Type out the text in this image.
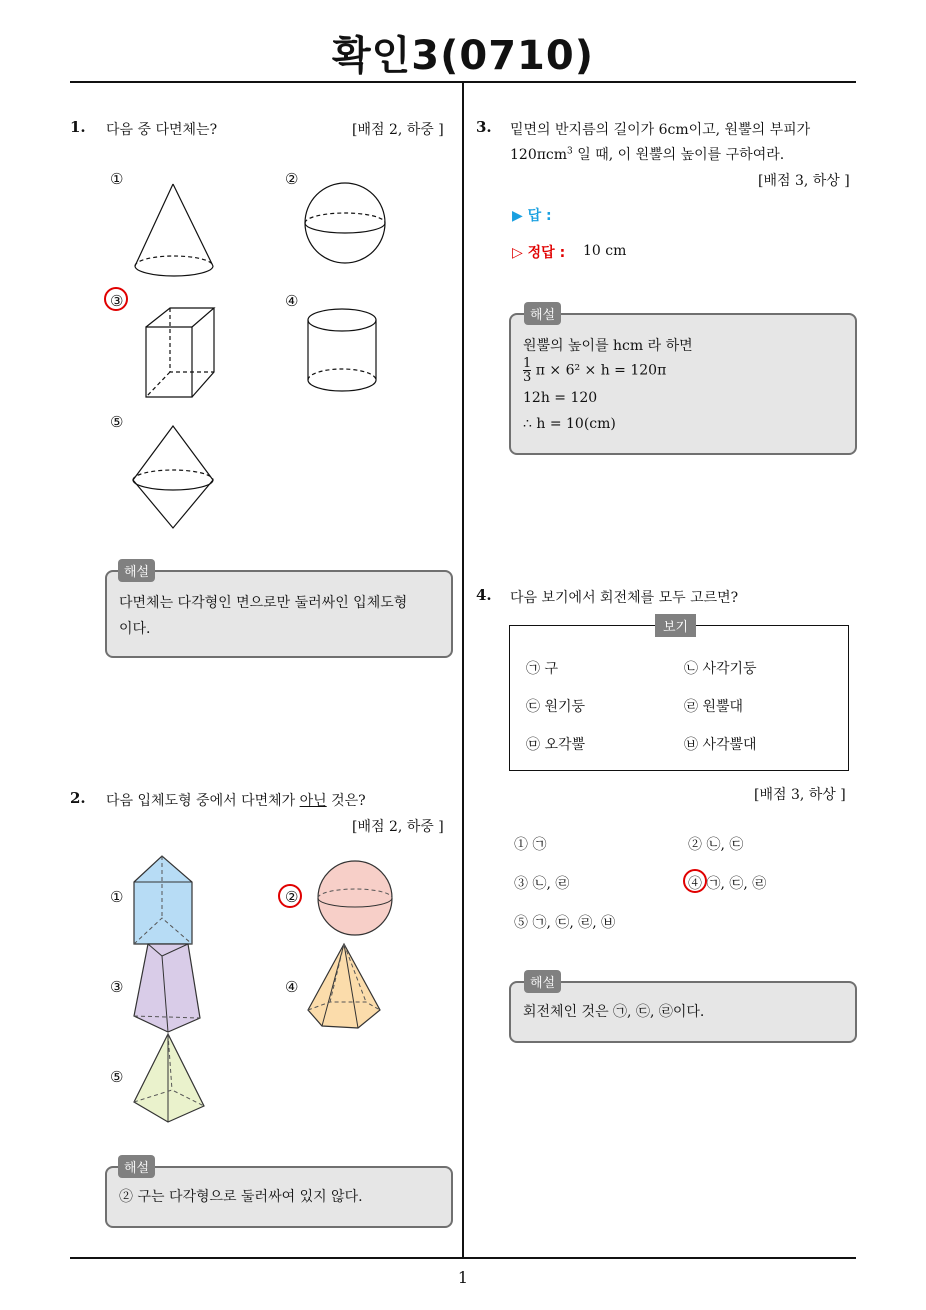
확인3(0710)
1. 다음 중 다면체는?	[배점 2, 하중 ]
①	②
③	④
⑤

다면체는 다각형인 면으로만 둘러싸인 입체도형

이다.

해설
2. 다음 입체도형 중에서 다면체가 아닌 것은?
[배점 2, 하중 ]
①	②
③	④
⑤

② 구는 다각형으로 둘러싸여 있지 않다.

해설
3. 밑면의 반지름의 길이가 6cm이고, 원뿔의 부피가
120πcm$^3$ 일 때, 이 원뿔의 높이를 구하여라.
[배점 3, 하상 ]
▶ 답 :
▷ 정답 : 10 cm

원뿔의 높이를 hcm 라 하면

$\frac{1}{3}$ π × 6² × h = 120π

12h = 120

∴ h = 10(cm)

해설
4. 다음 보기에서 회전체를 모두 고르면?
㉠ 구	㉡ 사각기둥
㉢ 원기둥	㉣ 원뿔대
㉤ 오각뿔	㉥ 사각뿔대
보기
[배점 3, 하상 ]
① ㉠	② ㉡, ㉢
③ ㉡, ㉣	④ ㉠, ㉢, ㉣
⑤ ㉠, ㉢, ㉣, ㉥

회전체인 것은 ㉠, ㉢, ㉣이다.

해설
1
